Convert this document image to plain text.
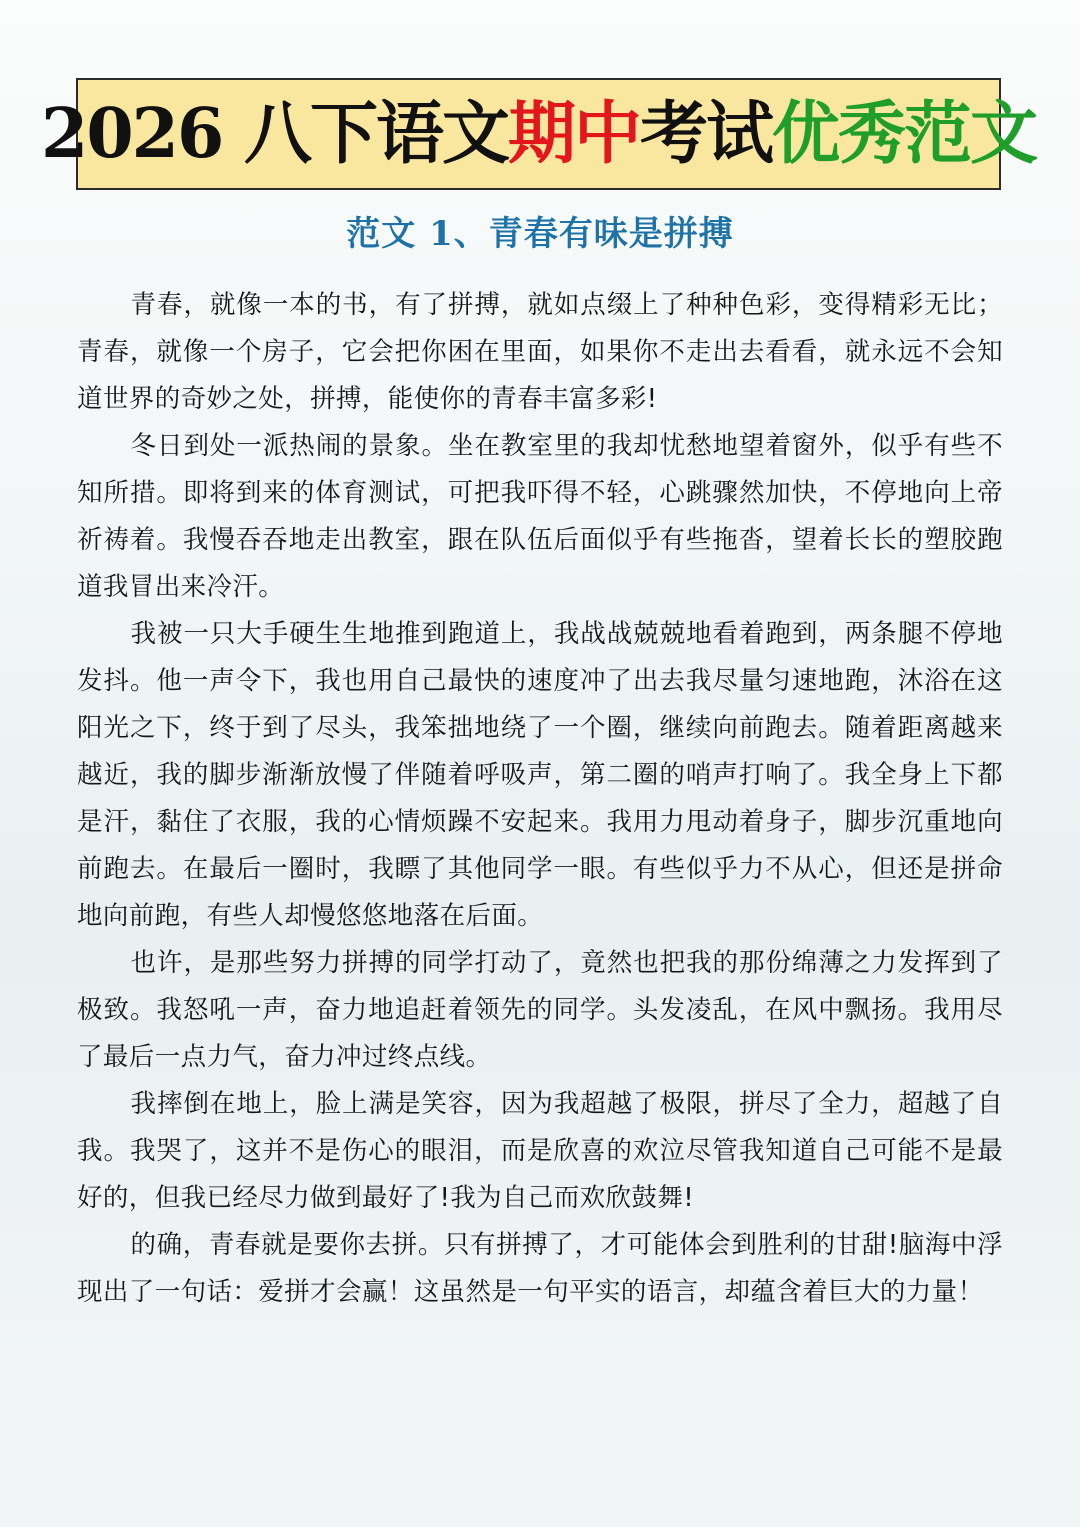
2026 八下语文 期中 考试 优秀范文
范文 1、青春有味是拼搏

青春，就像一本的书，有了拼搏，就如点缀上了种种色彩，变得精彩无比；青春，就像一个房子，它会把你困在里面，如果你不走出去看看，就永远不会知道世界的奇妙之处，拼搏，能使你的青春丰富多彩!

冬日到处一派热闹的景象。坐在教室里的我却忧愁地望着窗外，似乎有些不知所措。即将到来的体育测试，可把我吓得不轻，心跳骤然加快，不停地向上帝祈祷着。我慢吞吞地走出教室，跟在队伍后面似乎有些拖沓，望着长长的塑胶跑道我冒出来冷汗。

我被一只大手硬生生地推到跑道上，我战战兢兢地看着跑到，两条腿不停地发抖。他一声令下，我也用自己最快的速度冲了出去我尽量匀速地跑，沐浴在这阳光之下，终于到了尽头，我笨拙地绕了一个圈，继续向前跑去。随着距离越来越近，我的脚步渐渐放慢了伴随着呼吸声，第二圈的哨声打响了。我全身上下都是汗，黏住了衣服，我的心情烦躁不安起来。我用力甩动着身子，脚步沉重地向前跑去。在最后一圈时，我瞟了其他同学一眼。有些似乎力不从心，但还是拼命地向前跑，有些人却慢悠悠地落在后面。

也许，是那些努力拼搏的同学打动了，竟然也把我的那份绵薄之力发挥到了极致。我怒吼一声，奋力地追赶着领先的同学。头发凌乱，在风中飘扬。我用尽了最后一点力气，奋力冲过终点线。

我摔倒在地上，脸上满是笑容，因为我超越了极限，拼尽了全力，超越了自我。我哭了，这并不是伤心的眼泪，而是欣喜的欢泣尽管我知道自己可能不是最好的，但我已经尽力做到最好了!我为自己而欢欣鼓舞!

的确，青春就是要你去拼。只有拼搏了，才可能体会到胜利的甘甜!脑海中浮现出了一句话：爱拼才会赢！这虽然是一句平实的语言，却蕴含着巨大的力量！
